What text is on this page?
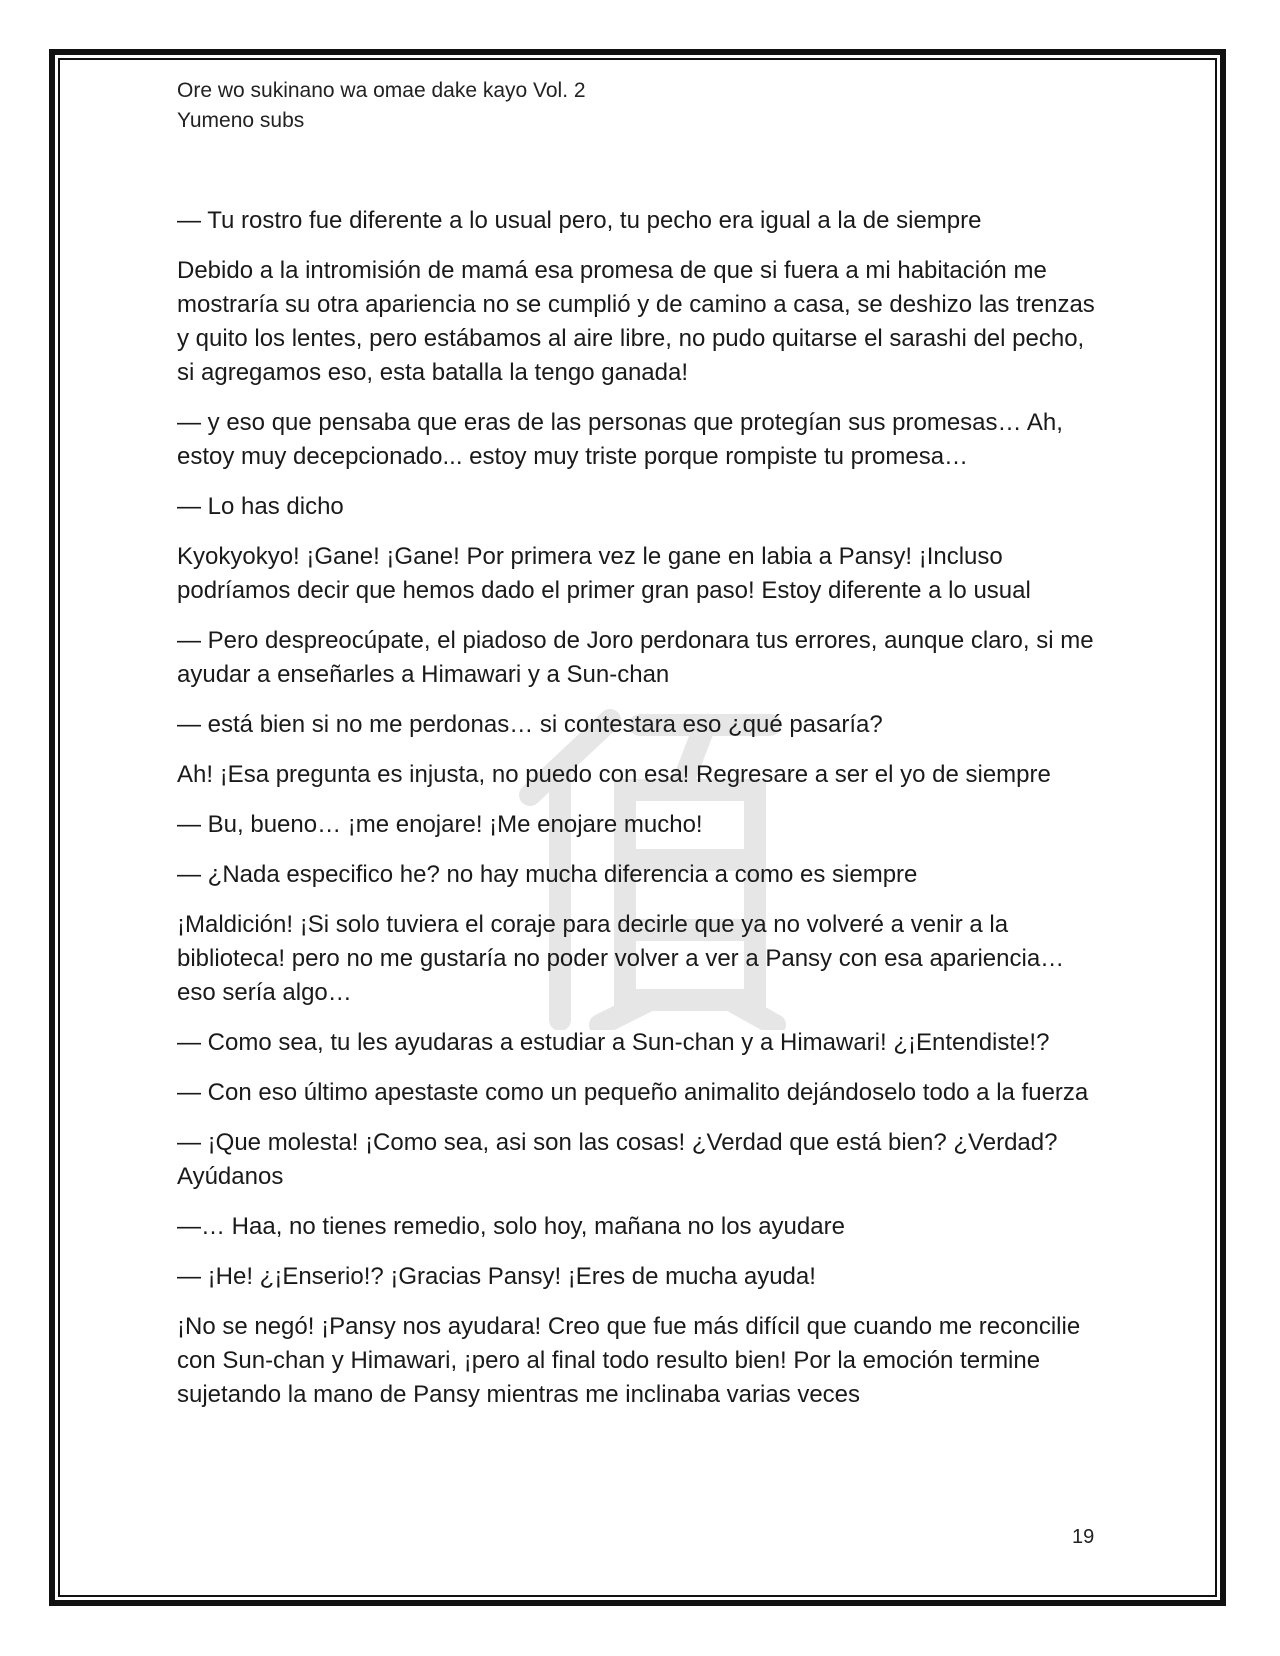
Ore wo sukinano wa omae dake kayo Vol. 2
Yumeno subs

— Tu rostro fue diferente a lo usual pero, tu pecho era igual a la de siempre

Debido a la intromisión de mamá esa promesa de que si fuera a mi habitación me mostraría su otra apariencia no se cumplió y de camino a casa, se deshizo las trenzas y quito los lentes, pero estábamos al aire libre, no pudo quitarse el sarashi del pecho, si agregamos eso, esta batalla la tengo ganada!

— y eso que pensaba que eras de las personas que protegían sus promesas… Ah, estoy muy decepcionado... estoy muy triste porque rompiste tu promesa…

— Lo has dicho

Kyokyokyo! ¡Gane! ¡Gane! Por primera vez le gane en labia a Pansy! ¡Incluso podríamos decir que hemos dado el primer gran paso! Estoy diferente a lo usual

— Pero despreocúpate, el piadoso de Joro perdonara tus errores, aunque claro, si me ayudar a enseñarles a Himawari y a Sun-chan

— está bien si no me perdonas… si contestara eso ¿qué pasaría?

Ah! ¡Esa pregunta es injusta, no puedo con esa! Regresare a ser el yo de siempre

— Bu, bueno… ¡me enojare! ¡Me enojare mucho!

— ¿Nada especifico he? no hay mucha diferencia a como es siempre

¡Maldición! ¡Si solo tuviera el coraje para decirle que ya no volveré a venir a la biblioteca! pero no me gustaría no poder volver a ver a Pansy con esa apariencia… eso sería algo…

— Como sea, tu les ayudaras a estudiar a Sun-chan y a Himawari! ¿¡Entendiste!?

— Con eso último apestaste como un pequeño animalito dejándoselo todo a la fuerza

— ¡Que molesta! ¡Como sea, asi son las cosas! ¿Verdad que está bien? ¿Verdad? Ayúdanos

—… Haa, no tienes remedio, solo hoy, mañana no los ayudare

— ¡He! ¿¡Enserio!? ¡Gracias Pansy! ¡Eres de mucha ayuda!

¡No se negó! ¡Pansy nos ayudara! Creo que fue más difícil que cuando me reconcilie con Sun-chan y Himawari, ¡pero al final todo resulto bien! Por la emoción termine sujetando la mano de Pansy mientras me inclinaba varias veces

19
